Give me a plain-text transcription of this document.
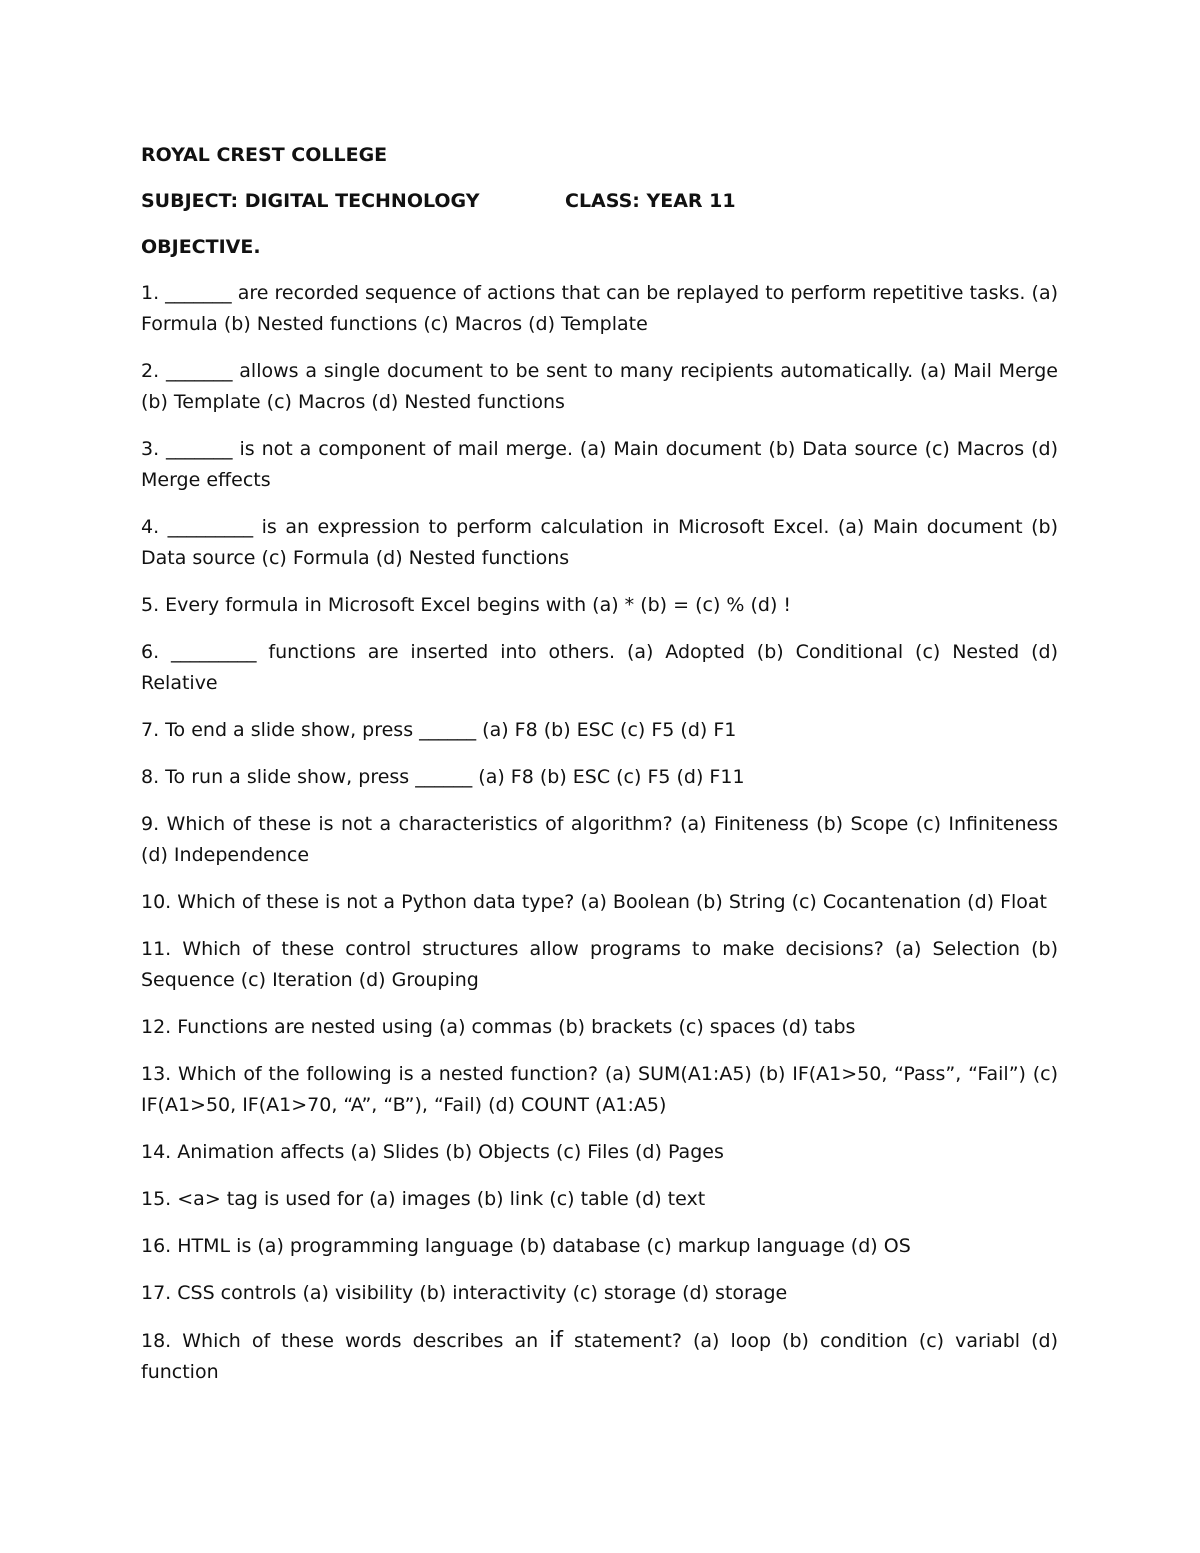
ROYAL CREST COLLEGE
SUBJECT: DIGITAL TECHNOLOGY	CLASS: YEAR 11
OBJECTIVE.

1. _______ are recorded sequence of actions that can be replayed to perform repetitive tasks. (a) Formula (b) Nested functions (c) Macros (d) Template

2. _______ allows a single document to be sent to many recipients automatically. (a) Mail Merge (b) Template (c) Macros (d) Nested functions

3. _______ is not a component of mail merge. (a) Main document (b) Data source (c) Macros (d) Merge effects

4. _________ is an expression to perform calculation in Microsoft Excel. (a) Main document (b) Data source (c) Formula (d) Nested functions

5. Every formula in Microsoft Excel begins with (a) * (b) = (c) % (d) !

6. _________ functions are inserted into others. (a) Adopted (b) Conditional (c) Nested (d) Relative

7. To end a slide show, press ______ (a) F8 (b) ESC (c) F5 (d) F1

8. To run a slide show, press ______ (a) F8 (b) ESC (c) F5 (d) F11

9. Which of these is not a characteristics of algorithm? (a) Finiteness (b) Scope (c) Infiniteness (d) Independence

10. Which of these is not a Python data type? (a) Boolean (b) String (c) Cocantenation (d) Float

11. Which of these control structures allow programs to make decisions? (a) Selection (b) Sequence (c) Iteration (d) Grouping

12. Functions are nested using (a) commas (b) brackets (c) spaces (d) tabs

13. Which of the following is a nested function? (a) SUM(A1:A5) (b) IF(A1>50, “Pass”, “Fail”) (c) IF(A1>50, IF(A1>70, “A”, “B”), “Fail) (d) COUNT (A1:A5)

14. Animation affects (a) Slides (b) Objects (c) Files (d) Pages

15. <a> tag is used for (a) images (b) link (c) table (d) text

16. HTML is (a) programming language (b) database (c) markup language (d) OS

17. CSS controls (a) visibility (b) interactivity (c) storage (d) storage

18. Which of these words describes an if statement? (a) loop (b) condition (c) variabl (d) function
